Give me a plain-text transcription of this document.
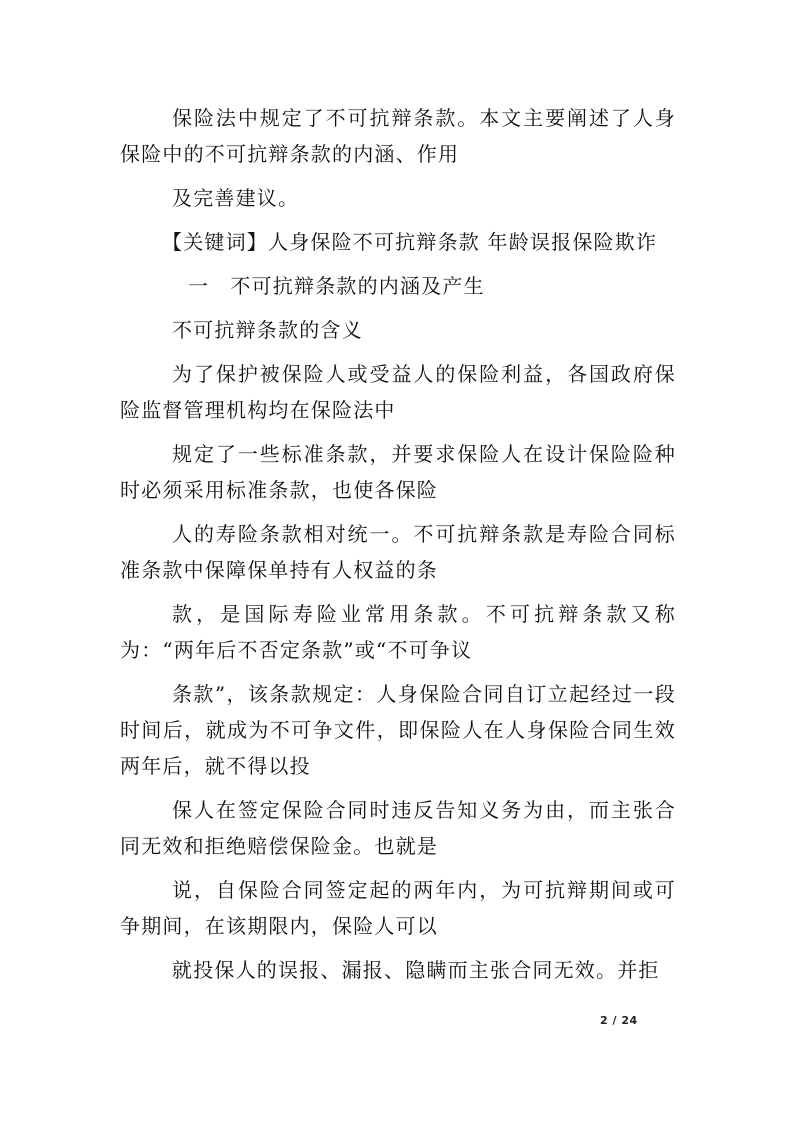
保险法中规定了不可抗辩条款。本文主要阐述了人身保险中的不可抗辩条款的内涵、作用

及完善建议。

【关键词】人身保险不可抗辩条款 年龄误报保险欺诈

一　不可抗辩条款的内涵及产生

不可抗辩条款的含义

为了保护被保险人或受益人的保险利益，各国政府保险监督管理机构均在保险法中

规定了一些标准条款，并要求保险人在设计保险险种时必须采用标准条款，也使各保险

人的寿险条款相对统一。不可抗辩条款是寿险合同标准条款中保障保单持有人权益的条

款，是国际寿险业常用条款。不可抗辩条款又称为：“两年后不否定条款”或“不可争议

条款”，该条款规定：人身保险合同自订立起经过一段时间后，就成为不可争文件，即保险人在人身保险合同生效两年后，就不得以投

保人在签定保险合同时违反告知义务为由，而主张合同无效和拒绝赔偿保险金。也就是

说，自保险合同签定起的两年内，为可抗辩期间或可争期间，在该期限内，保险人可以

就投保人的误报、漏报、隐瞒而主张合同无效。并拒

2 / 24
